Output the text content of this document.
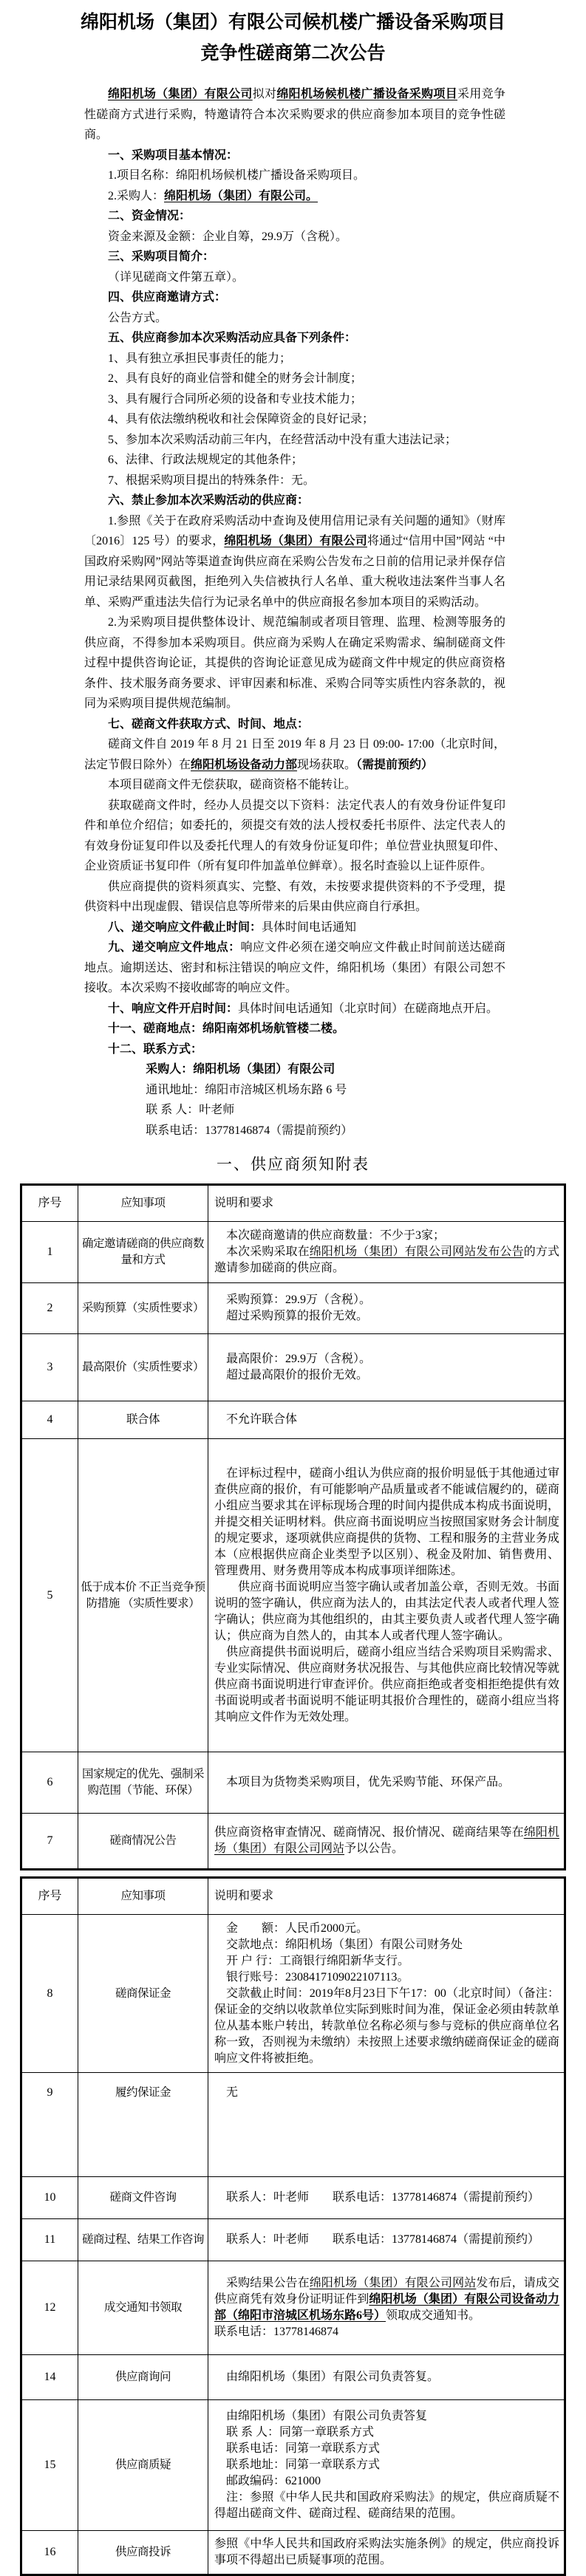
绵阳机场（集团）有限公司候机楼广播设备采购项目
竞争性磋商第二次公告

绵阳机场（集团）有限公司拟对绵阳机场候机楼广播设备采购项目采用竞争性磋商方式进行采购，特邀请符合本次采购要求的供应商参加本项目的竞争性磋商。

一、采购项目基本情况：

1.项目名称：绵阳机场候机楼广播设备采购项目。

2.采购人：绵阳机场（集团）有限公司。

二、资金情况：

资金来源及金额：企业自筹，29.9万（含税）。

三、采购项目简介：

（详见磋商文件第五章）。

四、供应商邀请方式：

公告方式。

五、供应商参加本次采购活动应具备下列条件：

1、具有独立承担民事责任的能力；

2、具有良好的商业信誉和健全的财务会计制度；

3、具有履行合同所必须的设备和专业技术能力；

4、具有依法缴纳税收和社会保障资金的良好记录；

5、参加本次采购活动前三年内，在经营活动中没有重大违法记录；

6、法律、行政法规规定的其他条件；

7、根据采购项目提出的特殊条件：无。

六、禁止参加本次采购活动的供应商：

1.参照《关于在政府采购活动中查询及使用信用记录有关问题的通知》（财库〔2016〕125 号）的要求，绵阳机场（集团）有限公司将通过“信用中国”网站 “中国政府采购网”网站等渠道查询供应商在采购公告发布之日前的信用记录并保存信用记录结果网页截图，拒绝列入失信被执行人名单、重大税收违法案件当事人名单、采购严重违法失信行为记录名单中的供应商报名参加本项目的采购活动。

2.为采购项目提供整体设计、规范编制或者项目管理、监理、检测等服务的供应商，不得参加本采购项目。供应商为采购人在确定采购需求、编制磋商文件过程中提供咨询论证，其提供的咨询论证意见成为磋商文件中规定的供应商资格条件、技术服务商务要求、评审因素和标准、采购合同等实质性内容条款的，视同为采购项目提供规范编制。

七、磋商文件获取方式、时间、地点：

磋商文件自 2019 年 8 月 21 日至 2019 年 8 月 23 日 09:00- 17:00（北京时间，法定节假日除外）在绵阳机场设备动力部现场获取。（需提前预约）

本项目磋商文件无偿获取，磋商资格不能转让。

获取磋商文件时，经办人员提交以下资料：法定代表人的有效身份证件复印件和单位介绍信；如委托的，须提交有效的法人授权委托书原件、法定代表人的有效身份证复印件以及委托代理人的有效身份证复印件；单位营业执照复印件、企业资质证书复印件（所有复印件加盖单位鲜章）。报名时查验以上证件原件。

供应商提供的资料须真实、完整、有效，未按要求提供资料的不予受理，提供资料中出现虚假、错误信息等所带来的后果由供应商自行承担。

八、递交响应文件截止时间：具体时间电话通知

九、递交响应文件地点：响应文件必须在递交响应文件截止时间前送达磋商地点。逾期送达、密封和标注错误的响应文件，绵阳机场（集团）有限公司恕不接收。本次采购不接收邮寄的响应文件。

十、响应文件开启时间：具体时间电话通知（北京时间）在磋商地点开启。

十一、磋商地点：绵阳南郊机场航管楼二楼。

十二、联系方式：

采购人：绵阳机场（集团）有限公司

通讯地址：绵阳市涪城区机场东路 6 号

联 系 人：叶老师

联系电话：13778146874（需提前预约）

一、供应商须知附表
序号	应知事项	说明和要求
1	确定邀请磋商的供应商数量和方式	本次磋商邀请的供应商数量：不少于3家；

本次采购采取在绵阳机场（集团）有限公司网站发布公告的方式邀请参加磋商的供应商。

2	采购预算（实质性要求）	采购预算：29.9万（含税）。

超过采购预算的报价无效。

3	最高限价（实质性要求）	最高限价：29.9万（含税）。

超过最高限价的报价无效。

4	联合体	不允许联合体

5	低于成本价 不正当竞争预防措施 （实质性要求）	在评标过程中，磋商小组认为供应商的报价明显低于其他通过审查供应商的报价，有可能影响产品质量或者不能诚信履约的，磋商小组应当要求其在评标现场合理的时间内提供成本构成书面说明，并提交相关证明材料。供应商书面说明应当按照国家财务会计制度的规定要求，逐项就供应商提供的货物、工程和服务的主营业务成本（应根据供应商企业类型予以区别）、税金及附加、销售费用、管理费用、财务费用等成本构成事项详细陈述。

供应商书面说明应当签字确认或者加盖公章，否则无效。书面说明的签字确认，供应商为法人的，由其法定代表人或者代理人签字确认；供应商为其他组织的，由其主要负责人或者代理人签字确认；供应商为自然人的，由其本人或者代理人签字确认。

供应商提供书面说明后，磋商小组应当结合采购项目采购需求、专业实际情况、供应商财务状况报告、与其他供应商比较情况等就供应商书面说明进行审查评价。供应商拒绝或者变相拒绝提供有效书面说明或者书面说明不能证明其报价合理性的，磋商小组应当将其响应文件作为无效处理。

6	国家规定的优先、强制采购范围（节能、环保）	本项目为货物类采购项目，优先采购节能、环保产品。

7	磋商情况公告	供应商资格审查情况、磋商情况、报价情况、磋商结果等在绵阳机场（集团）有限公司网站予以公告。

序号	应知事项	说明和要求
8	磋商保证金	金　　额：人民币2000元。

交款地点：绵阳机场（集团）有限公司财务处

开 户 行：工商银行绵阳新华支行。

银行账号：2308417109022107113。

交款截止时间：2019年8月23日下午17：00（北京时间）（备注：保证金的交纳以收款单位实际到账时间为准，保证金必须由转款单位从基本账户转出，转款单位名称必须与参与竞标的供应商单位名称一致，否则视为未缴纳）未按照上述要求缴纳磋商保证金的磋商响应文件将被拒绝。

9	履约保证金	无

10	磋商文件咨询	联系人：叶老师　　联系电话：13778146874（需提前预约）

11	磋商过程、结果工作咨询	联系人：叶老师　　联系电话：13778146874（需提前预约）

12	成交通知书领取	采购结果公告在绵阳机场（集团）有限公司网站发布后，请成交供应商凭有效身份证明证件到绵阳机场（集团）有限公司设备动力部（绵阳市涪城区机场东路6号）领取成交通知书。

联系电话：13778146874

14	供应商询问	由绵阳机场（集团）有限公司负责答复。

15	供应商质疑	

由绵阳机场（集团）有限公司负责答复

联 系 人：同第一章联系方式

联系电话：同第一章联系方式

联系地址：同第一章联系方式

邮政编码：621000

注：参照《中华人民共和国政府采购法》的规定，供应商质疑不得超出磋商文件、磋商过程、磋商结果的范围。

16	供应商投诉	参照《中华人民共和国政府采购法实施条例》的规定，供应商投诉事项不得超出已质疑事项的范围。
